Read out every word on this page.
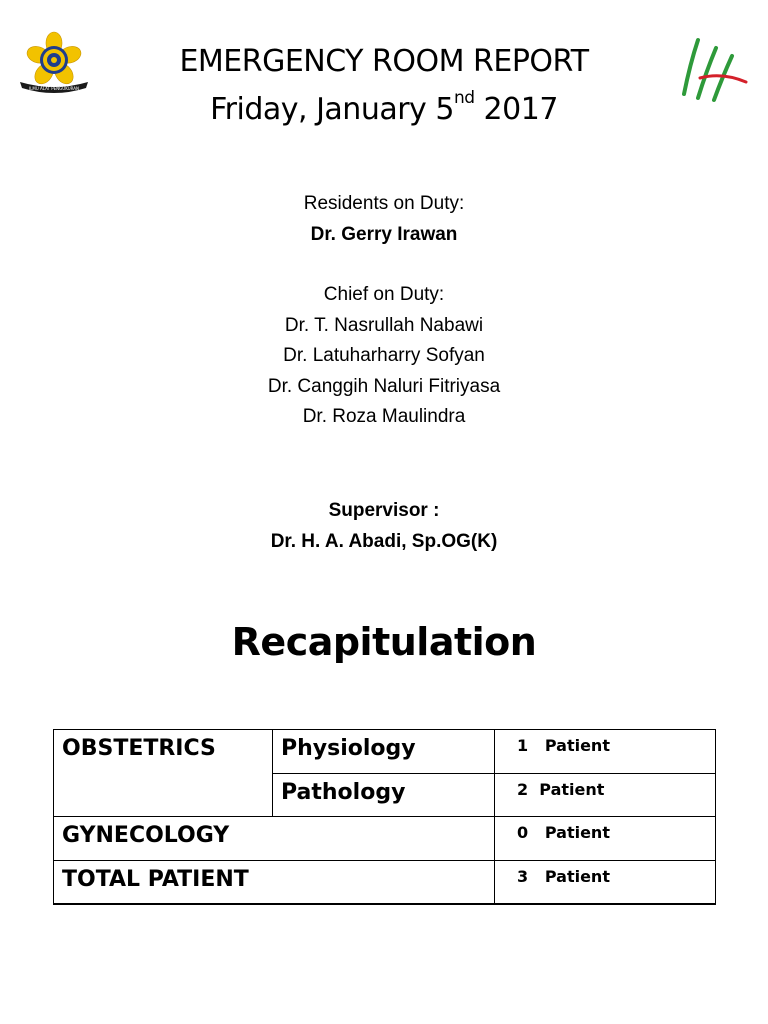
ILMU ALAT PENGUKURAN
EMERGENCY ROOM REPORT
Friday, January 5nd 2017
Residents on Duty:
Dr. Gerry Irawan
Chief on Duty:
Dr. T. Nasrullah Nabawi
Dr. Latuharharry Sofyan
Dr. Canggih Naluri Fitriyasa
Dr. Roza Maulindra
Supervisor :
Dr. H. A. Abadi, Sp.OG(K)
Recapitulation
OBSTETRICS	Physiology	1   Patient
	Pathology	2  Patient
GYNECOLOGY		0   Patient
TOTAL PATIENT		3   Patient
